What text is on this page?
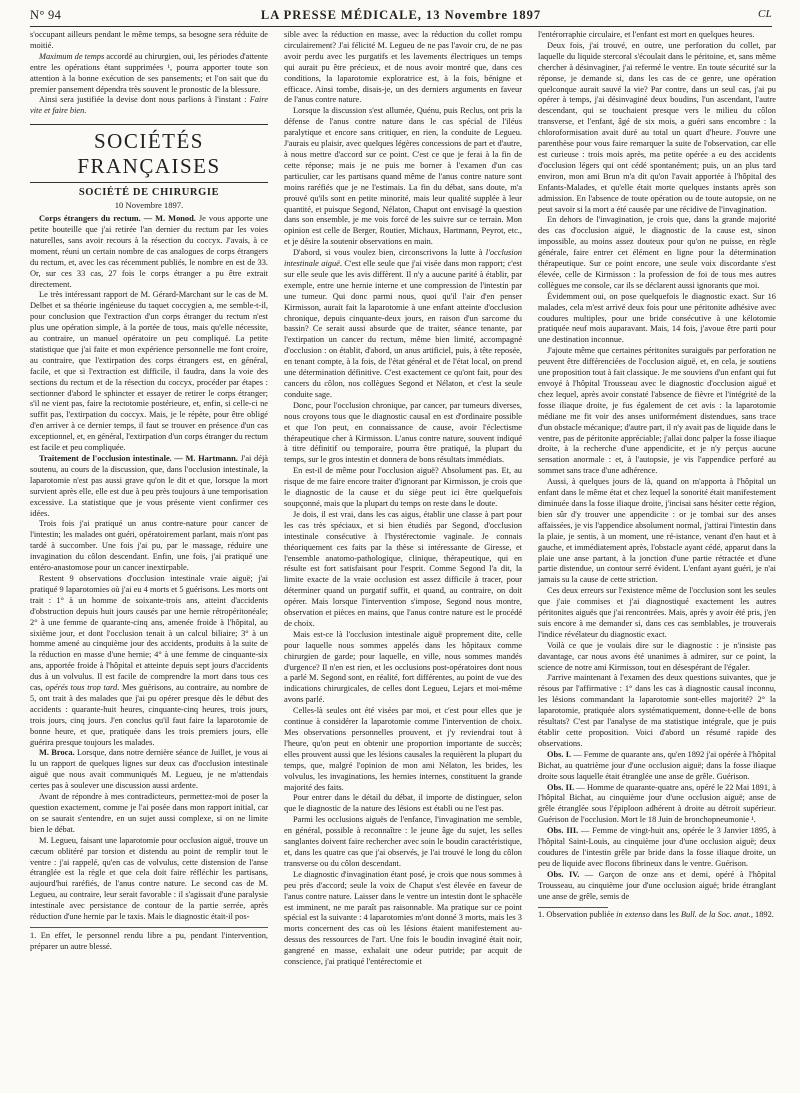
N° 94	LA PRESSE MÉDICALE, 13 Novembre 1897	CL

s'occupant ailleurs pendant le même temps, sa besogne sera réduite de moitié.

Maximum de temps accordé au chirurgien, oui, les périodes d'attente entre les opérations étant supprimées ¹, pourra apporter toute son attention à la bonne exécution de ses pansements; et l'on sait que du premier pansement dépendra très souvent le pronostic de la blessure.

Ainsi sera justifiée la devise dont nous parlions à l'instant : Faire vite et faire bien.

SOCIÉTÉS FRANÇAISES
SOCIÉTÉ DE CHIRURGIE
10 Novembre 1897.

Corps étrangers du rectum. — M. Monod. Je vous apporte une petite bouteille que j'ai retirée l'an dernier du rectum par les voies naturelles, sans avoir recours à la résection du coccyx. J'avais, à ce moment, réuni un certain nombre de cas analogues de corps étrangers du rectum, et, avec les cas récemment publiés, le nombre en est de 33. Or, sur ces 33 cas, 27 fois le corps étranger a pu être extrait directement.

Le très intéressant rapport de M. Gérard-Marchant sur le cas de M. Delbet et sa théorie ingénieuse du taquet coccygien a, me semble-t-il, pour conclusion que l'extraction d'un corps étranger du rectum n'est plus une opération simple, à la portée de tous, mais qu'elle nécessite, au contraire, un manuel opératoire un peu compliqué. La petite statistique que j'ai faite et mon expérience personnelle me font croire, au contraire, que l'extirpation des corps étrangers est, en général, facile, et que si l'extraction est difficile, il faudra, dans la voie des sections du rectum et de la résection du coccyx, procéder par étapes : sectionner d'abord le sphincter et essayer de retirer le corps étranger; s'il ne vient pas, faire la rectotomie postérieure, et, enfin, si celle-ci ne suffit pas, l'extirpation du coccyx. Mais, je le répète, pour être obligé d'en arriver à ce dernier temps, il faut se trouver en présence d'un cas exceptionnel, et, en général, l'extirpation d'un corps étranger du rectum est facile et peu compliquée.

Traitement de l'occlusion intestinale. — M. Hartmann. J'ai déjà soutenu, au cours de la discussion, que, dans l'occlusion intestinale, la laparotomie n'est pas aussi grave qu'on le dit et que, lorsque la mort survient après elle, elle est due à peu près toujours à une temporisation excessive. La statistique que je vous présente vient confirmer ces idées.

Trois fois j'ai pratiqué un anus contre-nature pour cancer de l'intestin; les malades ont guéri, opératoirement parlant, mais n'ont pas tardé à succomber. Une fois j'ai pu, par le massage, réduire une invagination du côlon descendant. Enfin, une fois, j'ai pratiqué une entéro-anastomose pour un cancer inextirpable.

Restent 9 observations d'occlusion intestinale vraie aiguë; j'ai pratiqué 9 laparotomies où j'ai eu 4 morts et 5 guérisons. Les morts ont trait : 1° à un homme de soixante-trois ans, atteint d'accidents d'obstruction depuis huit jours causés par une hernie rétropéritonéale; 2° à une femme de quarante-cinq ans, amenée froide à l'hôpital, au sixième jour, et dont l'occlusion tenait à un calcul biliaire; 3° à un homme amené au cinquième jour des accidents, produits à la suite de la réduction en masse d'une hernie; 4° à une femme de cinquante-six ans, apportée froide à l'hôpital et atteinte depuis sept jours d'accidents dus à un volvulus. Il est facile de comprendre la mort dans tous ces cas, opérés tous trop tard. Mes guérisons, au contraire, au nombre de 5, ont trait à des malades que j'ai pu opérer presque dès le début des accidents : quarante-huit heures, cinquante-cinq heures, trois jours, trois jours, cinq jours. J'en conclus qu'il faut faire la laparotomie de bonne heure, et que, pratiquée dans les trois premiers jours, elle guérira presque toujours les malades.

M. Broca. Lorsque, dans notre dernière séance de Juillet, je vous ai lu un rapport de quelques lignes sur deux cas d'occlusion intestinale aiguë que nous avait communiqués M. Legueu, je ne m'attendais certes pas à soulever une discussion aussi ardente.

Avant de répondre à mes contradicteurs, permettez-moi de poser la question exactement, comme je l'ai posée dans mon rapport initial, car on se saurait s'entendre, en un sujet aussi complexe, si on ne limite bien le débat.

M. Legueu, faisant une laparotomie pour occlusion aiguë, trouve un cæcum oblitéré par torsion et distendu au point de remplir tout le ventre : j'ai rappelé, qu'en cas de volvulus, cette distension de l'anse étranglée est la règle et que cela doit faire réfléchir les partisans, aujourd'hui raréfiés, de l'anus contre nature. Le second cas de M. Legueu, au contraire, leur serait favorable : il s'agissait d'une paralysie intestinale avec persistance de contour de la partie serrée, après réduction d'une hernie par le taxis. Mais le diagnostic était-il pos-

1. En effet, le personnel rendu libre a pu, pendant l'intervention, préparer un autre blessé.

sible avec la réduction en masse, avec la réduction du collet rompu circulairement? J'ai félicité M. Legueu de ne pas l'avoir cru, de ne pas avoir perdu avec les purgatifs et les lavements électriques un temps qui aurait pu être précieux, et de nous avoir montré que, dans ces conditions, la laparotomie exploratrice est, à la fois, bénigne et efficace. Ainsi tombe, disais-je, un des derniers arguments en faveur de l'anus contre nature.

Lorsque la discussion s'est allumée, Quénu, puis Reclus, ont pris la défense de l'anus contre nature dans le cas spécial de l'iléus paralytique et encore sans critiquer, en rien, la conduite de Legueu. J'aurais eu plaisir, avec quelques légères concessions de part et d'autre, à nous mettre d'accord sur ce point. C'est ce que je ferai à la fin de cette réponse; mais je ne puis me borner à l'examen d'un cas particulier, car les partisans quand même de l'anus contre nature sont moins raréfiés que je ne l'estimais. La fin du débat, sans doute, m'a prouvé qu'ils sont en petite minorité, mais leur qualité supplée à leur quantité, et puisque Segond, Nélaton, Chaput ont envisagé la question dans son ensemble, je me vois forcé de les suivre sur ce terrain. Mon opinion est celle de Berger, Routier, Michaux, Hartmann, Peyrot, etc., et je désire la soutenir observations en main.

D'abord, si vous voulez bien, circonscrivons la lutte à l'occlusion intestinale aiguë. C'est elle seule que j'ai visée dans mon rapport; c'est sur elle seule que les avis diffèrent. Il n'y a aucune parité à établir, par exemple, entre une hernie interne et une compression de l'intestin par une tumeur. Qui donc parmi nous, quoi qu'il l'air d'en penser Kirmisson, aurait fait la laparotomie à une enfant atteinte d'occlusion chronique, depuis cinquante-deux jours, en raison d'un sarcome du bassin? Ce serait aussi absurde que de traiter, séance tenante, par l'extirpation un cancer du rectum, même bien limité, accompagné d'occlusion : on établit, d'abord, un anus artificiel, puis, à tête reposée, en tenant compte, à la fois, de l'état général et de l'état local, on prend une détermination définitive. C'est exactement ce qu'ont fait, pour des cancers du côlon, nos collègues Segond et Nélaton, et c'est la seule conduite sage.

Donc, pour l'occlusion chronique, par cancer, par tumeurs diverses, nous croyons tous que le diagnostic causal en est d'ordinaire possible et que l'on peut, en connaissance de cause, avoir l'éclectisme thérapeutique cher à Kirmisson. L'anus contre nature, souvent indiqué à titre définitif ou temporaire, pourra être pratiqué, la plupart du temps, sur le gros intestin et donnera de bons résultats immédiats.

En est-il de même pour l'occlusion aiguë? Absolument pas. Et, au risque de me faire encore traiter d'ignorant par Kirmisson, je crois que le diagnostic de la cause et du siège peut ici être quelquefois soupçonné, mais que la plupart du temps on reste dans le doute.

Je dois, il est vrai, dans les cas aigus, établir une classe à part pour les cas très spéciaux, et si bien étudiés par Segond, d'occlusion intestinale consécutive à l'hystérectomie vaginale. Je connais théoriquement ces faits par la thèse si intéressante de Giresse, et l'ensemble anatomo-pathologique, clinique, thérapeutique, qui en résulte est fort satisfaisant pour l'esprit. Comme Segond l'a dit, la limite exacte de la vraie occlusion est assez difficile à tracer, pour déterminer quand un purgatif suffit, et quand, au contraire, on doit opérer. Mais lorsque l'intervention s'impose, Segond nous montre, observation et pièces en mains, que l'anus contre nature est le procédé de choix.

Mais est-ce là l'occlusion intestinale aiguë proprement dite, celle pour laquelle nous sommes appelés dans les hôpitaux comme chirurgien de garde; pour laquelle, en ville, nous sommes mandés d'urgence? Il n'en est rien, et les occlusions post-opératoires dont nous a parlé M. Segond sont, en réalité, fort différentes, au point de vue des indications chirurgicales, de celles dont Legueu, Lejars et moi-même avons parlé.

Celles-là seules ont été visées par moi, et c'est pour elles que je continue à considérer la laparotomie comme l'intervention de choix. Mes observations personnelles prouvent, et j'y reviendrai tout à l'heure, qu'on peut en obtenir une proportion importante de succès; elles prouvent aussi que les lésions causales la requièrent la plupart du temps, que, malgré l'opinion de mon ami Nélaton, les brides, les volvulus, les invaginations, les hernies internes, constituent la grande majorité des faits.

Pour entrer dans le détail du débat, il importe de distinguer, selon que le diagnostic de la nature des lésions est établi ou ne l'est pas.

Parmi les occlusions aiguës de l'enfance, l'invagination me semble, en général, possible à reconnaître : le jeune âge du sujet, les selles sanglantes doivent faire rechercher avec soin le boudin caractéristique, et, dans les quatre cas que j'ai observés, je l'ai trouvé le long du côlon transverse ou du côlon descendant.

Le diagnostic d'invagination étant posé, je crois que nous sommes à peu près d'accord; seule la voix de Chaput s'est élevée en faveur de l'anus contre nature. Laisser dans le ventre un intestin dont le sphacèle est imminent, ne me paraît pas raisonnable. Ma pratique sur ce point spécial est la suivante : 4 laparotomies m'ont donné 3 morts, mais les 3 morts concernent des cas où les lésions étaient manifestement au-dessus des ressources de l'art. Une fois le boudin invaginé était noir, gangrené en masse, exhalait une odeur putride; par acquit de conscience, j'ai pratiqué l'entérectomie et

l'entérorraphie circulaire, et l'enfant est mort en quelques heures.

Deux fois, j'ai trouvé, en outre, une perforation du collet, par laquelle du liquide stercoral s'écoulait dans le péritoine, et, sans même chercher à désinvaginer, j'ai refermé le ventre. En toute sécurité sur la réponse, je demande si, dans les cas de ce genre, une opération quelconque aurait sauvé la vie? Par contre, dans un seul cas, j'ai pu opérer à temps, j'ai désinvaginé deux boudins, l'un ascendant, l'autre descendant, qui se touchaient presque vers le milieu du côlon transverse, et l'enfant, âgé de six mois, a guéri sans encombre : la chloroformisation avait duré au total un quart d'heure. J'ouvre une parenthèse pour vous faire remarquer la suite de l'observation, car elle est curieuse : trois mois après, ma petite opérée a eu des accidents d'occlusion légers qui ont cédé spontanément; puis, un an plus tard environ, mon ami Brun m'a dit qu'on l'avait apportée à l'hôpital des Enfants-Malades, et qu'elle était morte quelques instants après son admission. En l'absence de toute opération ou de toute autopsie, on ne peut savoir si la mort a été causée par une récidive de l'invagination.

En dehors de l'invagination, je crois que, dans la grande majorité des cas d'occlusion aiguë, le diagnostic de la cause est, sinon impossible, au moins assez douteux pour qu'on ne puisse, en règle générale, faire entrer cet élément en ligne pour la détermination thérapeutique. Sur ce point encore, une seule voix discordante s'est élevée, celle de Kirmisson : la profession de foi de tous mes autres collègues me console, car ils se déclarent aussi ignorants que moi.

Évidemment oui, on pose quelquefois le diagnostic exact. Sur 16 malades, cela m'est arrivé deux fois pour une péritonite adhésive avec coudures multiples, pour une bride consécutive à une kélotomie pratiquée neuf mois auparavant. Mais, 14 fois, j'avoue être parti pour une destination inconnue.

J'ajoute même que certaines péritonites suraiguës par perforation ne peuvent être différenciées de l'occlusion aiguë, et, en cela, je soutiens une proposition tout à fait classique. Je me souviens d'un enfant qui fut envoyé à l'hôpital Trousseau avec le diagnostic d'occlusion aiguë et chez lequel, après avoir constaté l'absence de fièvre et l'intégrité de la fosse iliaque droite, je fus également de cet avis : la laparotomie médiane me fit voir des anses uniformément distendues, sans trace d'un obstacle mécanique; d'autre part, il n'y avait pas de liquide dans le ventre, pas de péritonite appréciable; j'allai donc palper la fosse iliaque droite, à la recherche d'une appendicite, et je n'y perçus aucune sensation anormale : et, à l'autopsie, je vis l'appendice perforé au sommet sans trace d'une adhérence.

Aussi, à quelques jours de là, quand on m'apporta à l'hôpital un enfant dans le même état et chez lequel la sonorité était manifestement diminuée dans la fosse iliaque droite, j'incisai sans hésiter cette région, bien sûr d'y trouver une appendicite : or je tombai sur des anses affaissées, je vis l'appendice absolument normal, j'attirai l'intestin dans la plaie, je sentis, à un moment, une ré-istance, venant d'en haut et à gauche, et immédiatement après, l'obstacle ayant cédé, apparut dans la plaie une anse partant, à la jonction d'une partie rétractée et d'une partie distendue, un contour serré évident. L'enfant ayant guéri, je n'ai jamais su la cause de cette striction.

Ces deux erreurs sur l'existence même de l'occlusion sont les seules que j'aie commises et j'ai diagnostiqué exactement les autres péritonites aiguës que j'ai rencontrées. Mais, après y avoir été pris, j'en suis encore à me demander si, dans ces cas semblables, je trouverais l'indice révélateur du diagnostic exact.

Voilà ce que je voulais dire sur le diagnostic : je n'insiste pas davantage, car nous avons été unanimes à admirer, sur ce point, la science de notre ami Kirmisson, tout en désespérant de l'égaler.

J'arrive maintenant à l'examen des deux questions suivantes, que je résous par l'affirmative : 1° dans les cas à diagnostic causal inconnu, les lésions commandant la laparotomie sont-elles majorité? 2° la laparotomie, pratiquée alors systématiquement, donne-t-elle de bons résultats? C'est par l'analyse de ma statistique intégrale, que je puis établir cette proposition. Voici d'abord un résumé rapide des observations.

Obs. I. — Femme de quarante ans, qu'en 1892 j'ai opérée à l'hôpital Bichat, au quatrième jour d'une occlusion aiguë; dans la fosse iliaque droite sous laquelle était étranglée une anse de grêle. Guérison.

Obs. II. — Homme de quarante-quatre ans, opéré le 22 Mai 1891, à l'hôpital Bichat, au cinquième jour d'une occlusion aiguë; anse de grêle étranglée sous l'épiploon adhérent à droite au détroit supérieur. Guérison de l'occlusion. Mort le 18 Juin de bronchopneumonie ¹.

Obs. III. — Femme de vingt-huit ans, opérée le 3 Janvier 1895, à l'hôpital Saint-Louis, au cinquième jour d'une occlusion aiguë; deux coudures de l'intestin grêle par bride dans la fosse iliaque droite, un peu de liquide avec flocons fibrineux dans le ventre. Guérison.

Obs. IV. — Garçon de onze ans et demi, opéré à l'hôpital Trousseau, au cinquième jour d'une occlusion aiguë; bride étranglant une anse de grêle, semis de

1. Observation publiée in extenso dans les Bull. de la Soc. anat., 1892.
